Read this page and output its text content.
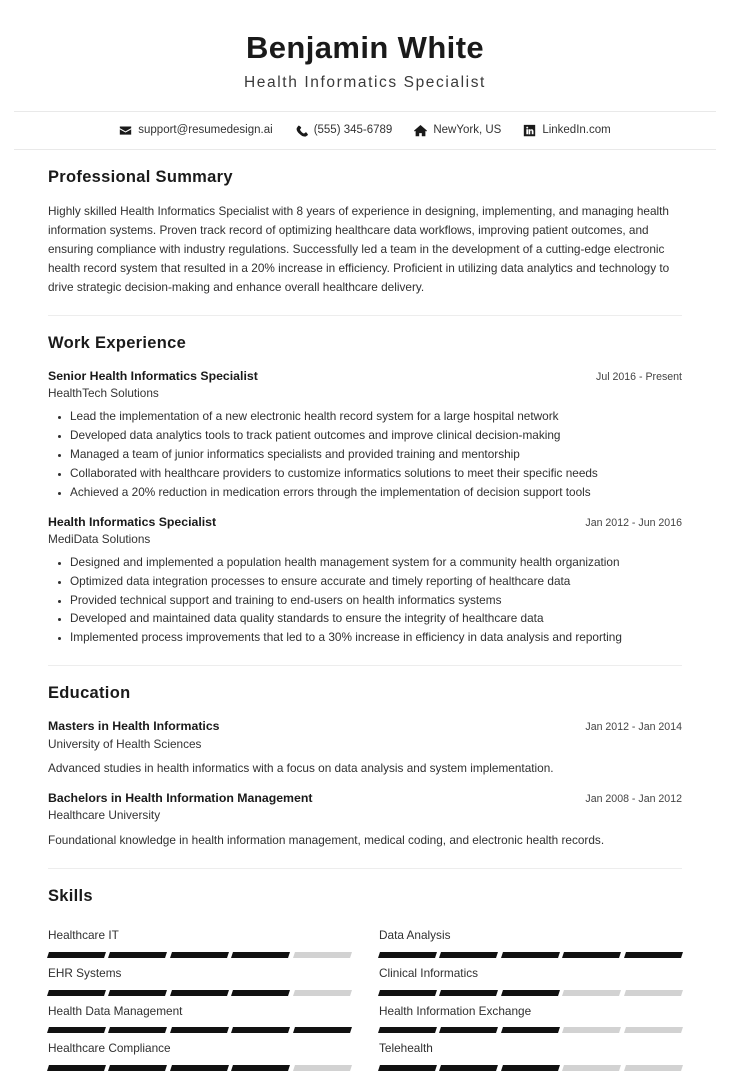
Benjamin White
Health Informatics Specialist
support@resumedesign.ai	(555) 345-6789	NewYork, US	LinkedIn.com
Professional Summary

Highly skilled Health Informatics Specialist with 8 years of experience in designing, implementing, and managing health information systems. Proven track record of optimizing healthcare data workflows, improving patient outcomes, and ensuring compliance with industry regulations. Successfully led a team in the development of a cutting-edge electronic health record system that resulted in a 20% increase in efficiency. Proficient in utilizing data analytics and technology to drive strategic decision-making and enhance overall healthcare delivery.

Work Experience
Senior Health Informatics Specialist	Jul 2016 - Present
HealthTech Solutions
• Lead the implementation of a new electronic health record system for a large hospital network
• Developed data analytics tools to track patient outcomes and improve clinical decision-making
• Managed a team of junior informatics specialists and provided training and mentorship
• Collaborated with healthcare providers to customize informatics solutions to meet their specific needs
• Achieved a 20% reduction in medication errors through the implementation of decision support tools
Health Informatics Specialist	Jan 2012 - Jun 2016
MediData Solutions
• Designed and implemented a population health management system for a community health organization
• Optimized data integration processes to ensure accurate and timely reporting of healthcare data
• Provided technical support and training to end-users on health informatics systems
• Developed and maintained data quality standards to ensure the integrity of healthcare data
• Implemented process improvements that led to a 30% increase in efficiency in data analysis and reporting
Education
Masters in Health Informatics	Jan 2012 - Jan 2014
University of Health Sciences
Advanced studies in health informatics with a focus on data analysis and system implementation.
Bachelors in Health Information Management	Jan 2008 - Jan 2012
Healthcare University
Foundational knowledge in health information management, medical coding, and electronic health records.
Skills
Healthcare IT	Data Analysis
EHR Systems	Clinical Informatics
Health Data Management	Health Information Exchange
Healthcare Compliance	Telehealth
